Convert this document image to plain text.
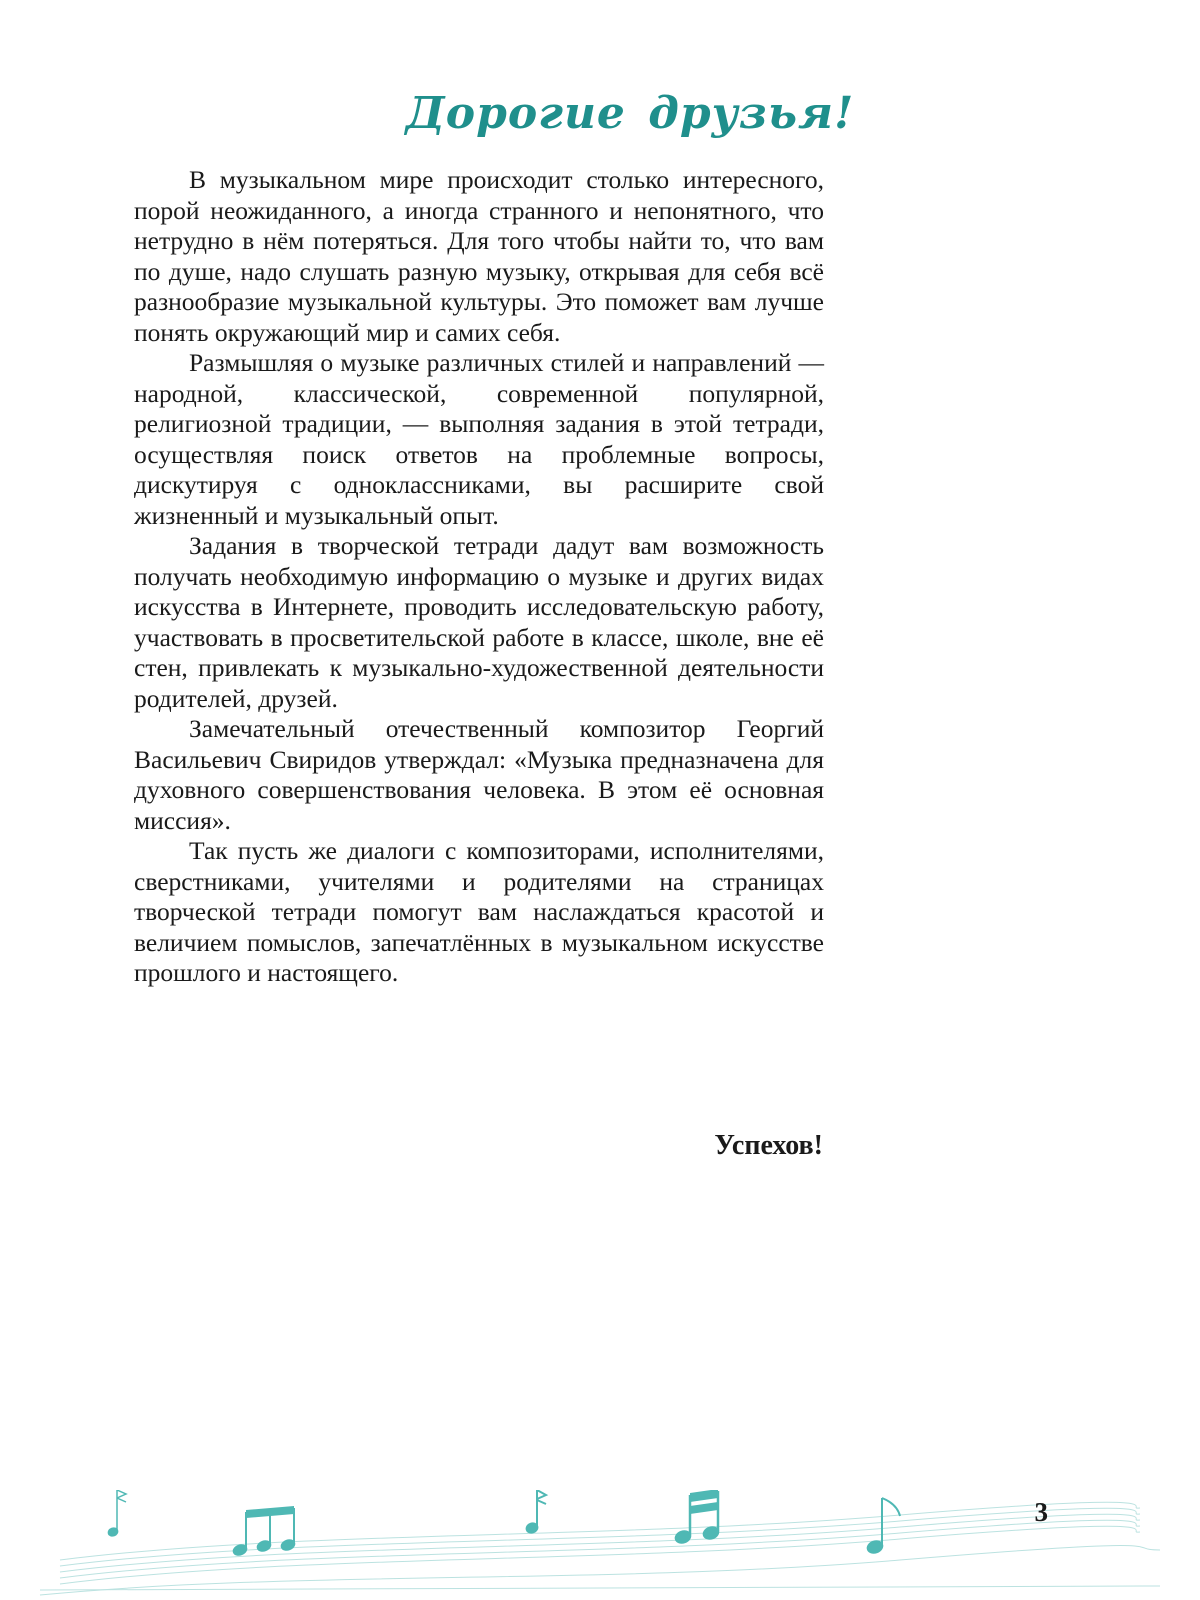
Дорогие друзья!

В музыкальном мире происходит столько интересного, порой неожиданного, а иногда странного и непонятного, что нетрудно в нём потеряться. Для того чтобы найти то, что вам по душе, надо слушать разную музыку, открывая для себя всё разнообразие музыкальной культуры. Это поможет вам лучше понять окружающий мир и самих себя.

Размышляя о музыке различных стилей и направлений — народной, классической, современной популярной, религиозной традиции, — выполняя задания в этой тетради, осуществляя поиск ответов на проблемные вопросы, дискутируя с одноклассниками, вы расширите свой жизненный и музыкальный опыт.

Задания в творческой тетради дадут вам возможность получать необходимую информацию о музыке и других видах искусства в Интернете, проводить исследовательскую работу, участвовать в просветительской работе в классе, школе, вне её стен, привлекать к музыкально-художественной деятельности родителей, друзей.

Замечательный отечественный композитор Георгий Васильевич Свиридов утверждал: «Музыка предназначена для духовного совершенствования человека. В этом её основная миссия».

Так пусть же диалоги с композиторами, исполнителями, сверстниками, учителями и родителями на страницах творческой тетради помогут вам наслаждаться красотой и величием помыслов, запечатлённых в музыкальном искусстве прошлого и настоящего.

Успехов!

3
